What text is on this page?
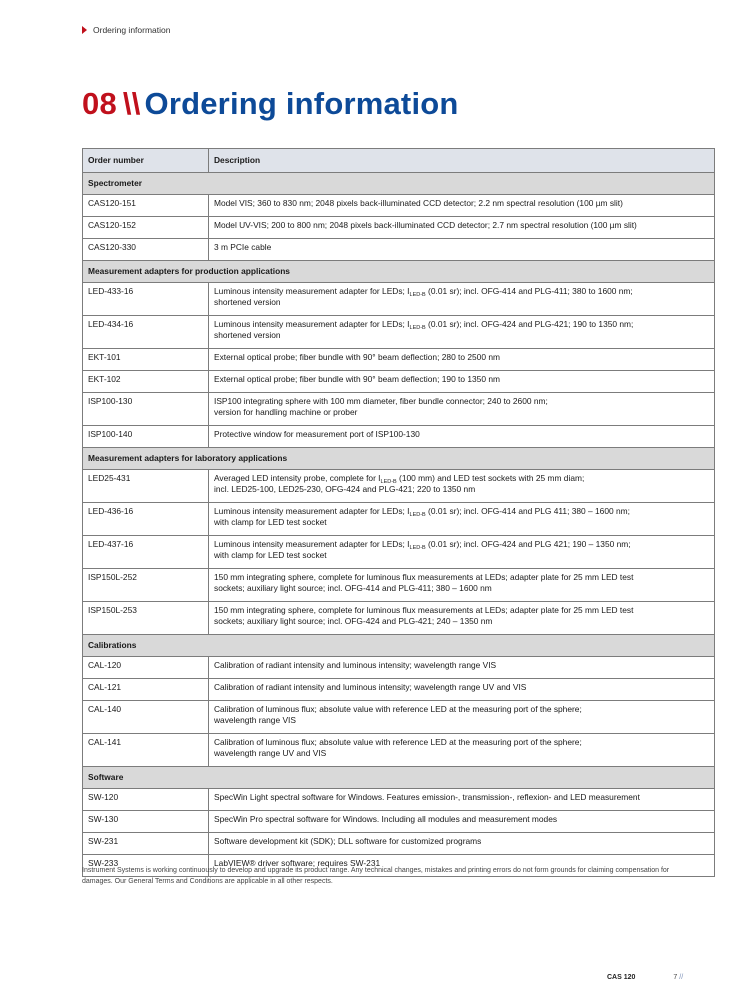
Ordering information
08 \\ Ordering information
Order number	Description
Spectrometer	
CAS120-151	Model VIS; 360 to 830 nm; 2048 pixels back-illuminated CCD detector; 2.2 nm spectral resolution (100 µm slit)
CAS120-152	Model UV-VIS; 200 to 800 nm; 2048 pixels back-illuminated CCD detector; 2.7 nm spectral resolution (100 µm slit)
CAS120-330	3 m PCIe cable
Measurement adapters for production applications	
LED-433-16	Luminous intensity measurement adapter for LEDs; $I_{LED-B}$ (0.01 sr); incl. OFG-414 and PLG-411; 380 to 1600 nm;
shortened version
LED-434-16	Luminous intensity measurement adapter for LEDs; $I_{LED-B}$ (0.01 sr); incl. OFG-424 and PLG-421; 190 to 1350 nm;
shortened version
EKT-101	External optical probe; fiber bundle with 90° beam deflection; 280 to 2500 nm
EKT-102	External optical probe; fiber bundle with 90° beam deflection; 190 to 1350 nm
ISP100-130	ISP100 integrating sphere with 100 mm diameter, fiber bundle connector; 240 to 2600 nm;
version for handling machine or prober
ISP100-140	Protective window for measurement port of ISP100-130
Measurement adapters for laboratory applications	
LED25-431	Averaged LED intensity probe, complete for $I_{LED-B}$ (100 mm) and LED test sockets with 25 mm diam;
incl. LED25-100, LED25-230, OFG-424 and PLG-421; 220 to 1350 nm
LED-436-16	Luminous intensity measurement adapter for LEDs; $I_{LED-B}$ (0.01 sr); incl. OFG-414 and PLG 411; 380 – 1600 nm;
with clamp for LED test socket
LED-437-16	Luminous intensity measurement adapter for LEDs; $I_{LED-B}$ (0.01 sr); incl. OFG-424 and PLG 421; 190 – 1350 nm;
with clamp for LED test socket
ISP150L-252	150 mm integrating sphere, complete for luminous flux measurements at LEDs; adapter plate for 25 mm LED test
sockets; auxiliary light source; incl. OFG-414 and PLG-411; 380 – 1600 nm
ISP150L-253	150 mm integrating sphere, complete for luminous flux measurements at LEDs; adapter plate for 25 mm LED test
sockets; auxiliary light source; incl. OFG-424 and PLG-421; 240 – 1350 nm
Calibrations	
CAL-120	Calibration of radiant intensity and luminous intensity; wavelength range VIS
CAL-121	Calibration of radiant intensity and luminous intensity; wavelength range UV and VIS
CAL-140	Calibration of luminous flux; absolute value with reference LED at the measuring port of the sphere;
wavelength range VIS
CAL-141	Calibration of luminous flux; absolute value with reference LED at the measuring port of the sphere;
wavelength range UV and VIS
Software	
SW-120	SpecWin Light spectral software for Windows. Features emission-, transmission-, reflexion- and LED measurement
SW-130	SpecWin Pro spectral software for Windows. Including all modules and measurement modes
SW-231	Software development kit (SDK); DLL software for customized programs
SW-233	LabVIEW® driver software; requires SW-231
Instrument Systems is working continuously to develop and upgrade its product range. Any technical changes, mistakes and printing errors do not form grounds for claiming compensation for damages. Our General Terms and Conditions are applicable in all other respects.
CAS 120	7 //
